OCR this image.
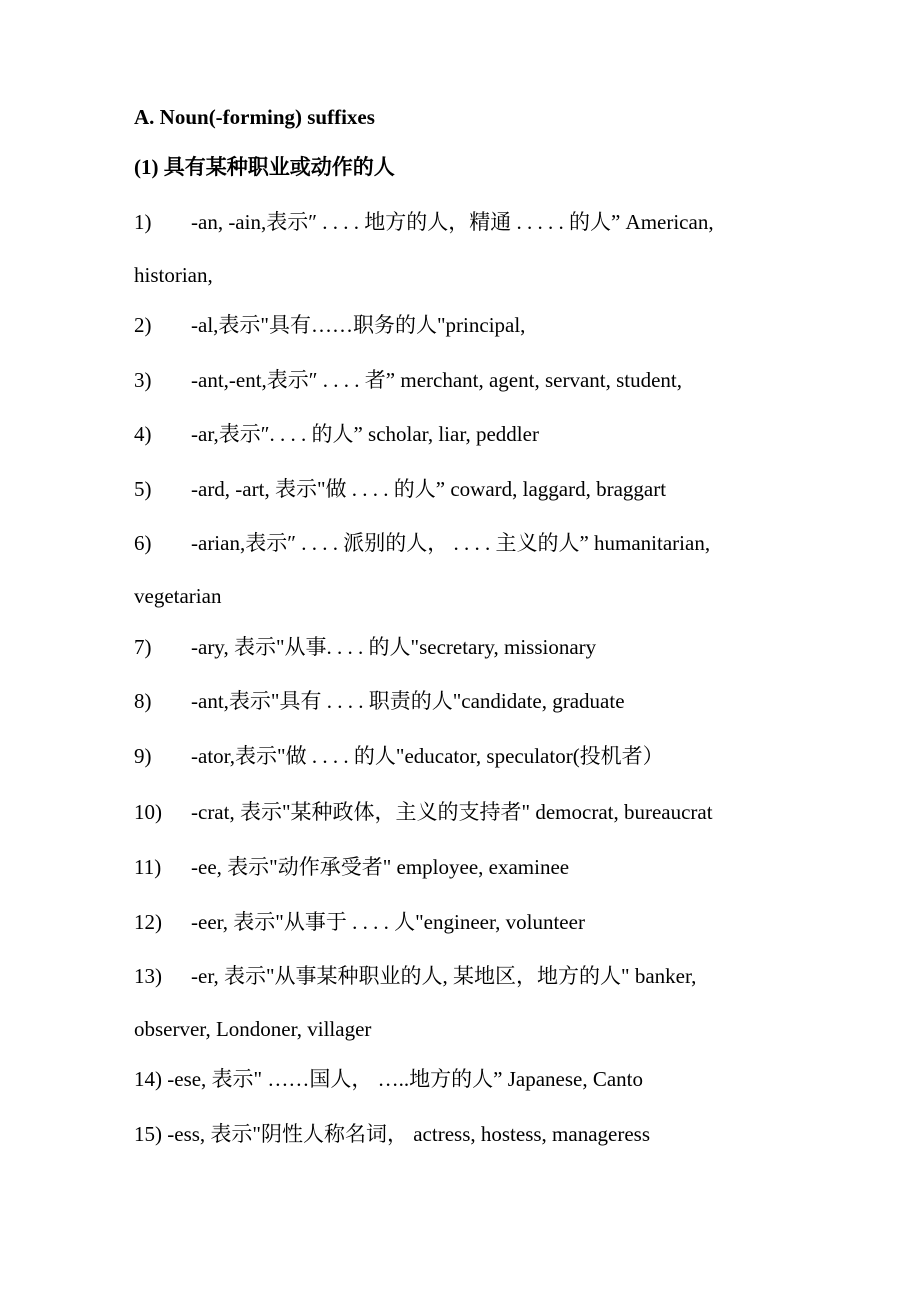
A. Noun(-forming) suffixes
(1) 具有某种职业或动作的人
1) -an, -ain,表示″ . . . . 地方的人，精通 . . . . . 的人” American,
historian,
2) -al,表示"具有……职务的人"principal,
3) -ant,-ent,表示″ . . . . 者” merchant, agent, servant, student,
4) -ar,表示″. . . . 的人” scholar, liar, peddler
5) -ard, -art, 表示"做 . . . . 的人” coward, laggard, braggart
6) -arian,表示″ . . . . 派别的人， . . . . 主义的人” humanitarian,
vegetarian
7) -ary, 表示"从事. . . . 的人"secretary, missionary
8) -ant,表示"具有 . . . . 职责的人"candidate, graduate
9) -ator,表示"做 . . . . 的人"educator, speculator(投机者）
10) -crat, 表示"某种政体，主义的支持者" democrat, bureaucrat
11) -ee, 表示"动作承受者" employee, examinee
12) -eer, 表示"从事于 . . . . 人"engineer, volunteer
13) -er, 表示"从事某种职业的人, 某地区，地方的人" banker,
observer, Londoner, villager
14) -ese, 表示" ……国人， …..地方的人” Japanese, Canto
15) -ess, 表示"阴性人称名词， actress, hostess, manageress
